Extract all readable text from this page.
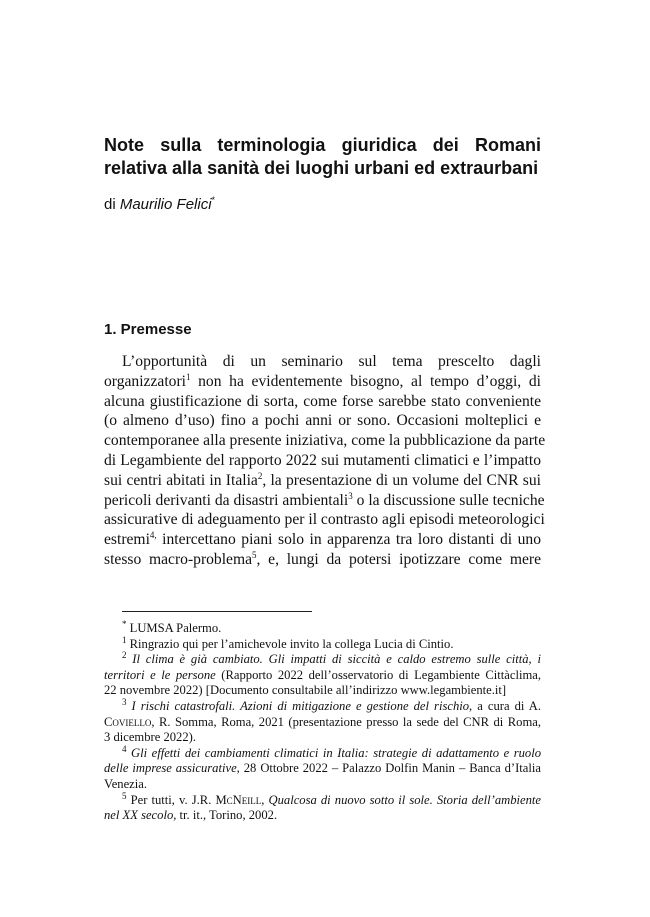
Note sulla terminologia giuridica dei Romani
relativa alla sanità dei luoghi urbani ed extraurbani
di Maurilio Felici*
1. Premesse
L’opportunità di un seminario sul tema prescelto dagli
organizzatori$^1$ non ha evidentemente bisogno, al tempo d’oggi, di
alcuna giustificazione di sorta, come forse sarebbe stato conveniente
(o almeno d’uso) fino a pochi anni or sono. Occasioni molteplici e
contemporanee alla presente iniziativa, come la pubblicazione da parte
di Legambiente del rapporto 2022 sui mutamenti climatici e l’impatto
sui centri abitati in Italia$^2$, la presentazione di un volume del CNR sui
pericoli derivanti da disastri ambientali$^3$ o la discussione sulle tecniche
assicurative di adeguamento per il contrasto agli episodi meteorologici
estremi$^{4,}$ intercettano piani solo in apparenza tra loro distanti di uno
stesso macro-problema$^5$, e, lungi da potersi ipotizzare come mere
* LUMSA Palermo.
$^1$ Ringrazio qui per l’amichevole invito la collega Lucia di Cintio.
$^2$ Il clima è già cambiato. Gli impatti di siccità e caldo estremo sulle città, i
territori e le persone (Rapporto 2022 dell’osservatorio di Legambiente Cittàclima,
22 novembre 2022) [Documento consultabile all’indirizzo www.legambiente.it]
$^3$ I rischi catastrofali. Azioni di mitigazione e gestione del rischio, a cura di A.
Coviello, R. Somma, Roma, 2021 (presentazione presso la sede del CNR di Roma,
3 dicembre 2022).
$^4$ Gli effetti dei cambiamenti climatici in Italia: strategie di adattamento e ruolo
delle imprese assicurative, 28 Ottobre 2022 – Palazzo Dolfin Manin – Banca d’Italia
Venezia.
$^5$ Per tutti, v. J.R. McNeill, Qualcosa di nuovo sotto il sole. Storia dell’ambiente
nel XX secolo, tr. it., Torino, 2002.
